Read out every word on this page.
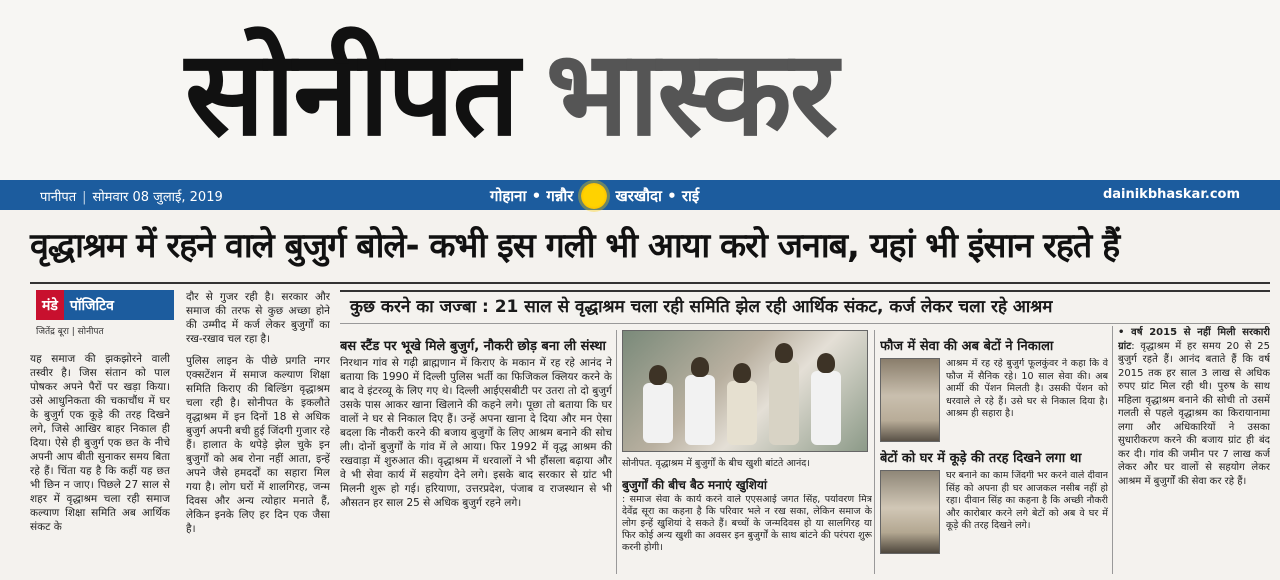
सोनीपत भास्कर
पानीपत | सोमवार 08 जुलाई, 2019	गोहाना • गन्नौर	खरखौदा • राई	dainikbhaskar.com
वृद्धाश्रम में रहने वाले बुजुर्ग बोले- कभी इस गली भी आया करो जनाब, यहां भी इंसान रहते हैं
मंडे पॉजिटिव
जितेंद्र बूरा | सोनीपत
यह समाज की झकझोरने वाली तस्वीर है। जिस संतान को पाल पोषकर अपने पैरों पर खड़ा किया। उसे आधुनिकता की चकाचौंध में घर के बुजुर्ग एक कूड़े की तरह दिखने लगे, जिसे आखिर बाहर निकाल ही दिया। ऐसे ही बुजुर्ग एक छत के नीचे अपनी आप बीती सुनाकर समय बिता रहे हैं। चिंता यह है कि कहीं यह छत भी छिन न जाए। पिछले 27 साल से शहर में वृद्धाश्रम चला रही समाज कल्याण शिक्षा समिति अब आर्थिक संकट के

दौर से गुजर रही है। सरकार और समाज की तरफ से कुछ अच्छा होने की उम्मीद में कर्ज लेकर बुजुर्गों का रख-रखाव चल रहा है।

पुलिस लाइन के पीछे प्रगति नगर एक्सटेंशन में समाज कल्याण शिक्षा समिति किराए की बिल्डिंग वृद्धाश्रम चला रही है। सोनीपत के इकलौते वृद्धाश्रम में इन दिनों 18 से अधिक बुजुर्ग अपनी बची हुई जिंदगी गुजार रहे हैं। हालात के थपेड़े झेल चुके इन बुजुर्गों को अब रोना नहीं आता, इन्हें अपने जैसे हमदर्दों का सहारा मिल गया है। लोग घरों में शालगिरह, जन्म दिवस और अन्य त्योहार मनाते हैं, लेकिन इनके लिए हर दिन एक जैसा है।

कुछ करने का जज्बा : 21 साल से वृद्धाश्रम चला रही समिति झेल रही आर्थिक संकट, कर्ज लेकर चला रहे आश्रम
बस स्टैंड पर भूखे मिले बुजुर्ग, नौकरी छोड़ बना ली संस्था
निरथान गांव से गढ़ी ब्राह्मणान में किराए के मकान में रह रहे आनंद ने बताया कि 1990 में दिल्ली पुलिस भर्ती का फिजिकल क्लियर करने के बाद वे इंटरव्यू के लिए गए थे। दिल्ली आईएसबीटी पर उतरा तो दो बुजुर्ग उसके पास आकर खाना खिलाने की कहने लगे। पूछा तो बताया कि घर वालों ने घर से निकाल दिए हैं। उन्हें अपना खाना दे दिया और मन ऐसा बदला कि नौकरी करने की बजाय बुजुर्गों के लिए आश्रम बनाने की सोच ली। दोनों बुजुर्गों के गांव में ले आया। फिर 1992 में वृद्ध आश्रम की रखवाड़ा में शुरुआत की। वृद्धाश्रम में धरवालों ने भी हौंसला बढ़ाया और वे भी सेवा कार्य में सहयोग देने लगे। इसके बाद सरकार से ग्रांट भी मिलनी शुरू हो गई। हरियाणा, उत्तरप्रदेश, पंजाब व राजस्थान से भी औसतन हर साल 25 से अधिक बुजुर्ग रहने लगे।
सोनीपत. वृद्धाश्रम में बुजुर्गों के बीच खुशी बांटते आनंद।
बुजुर्गों की बीच बैठ मनाएं खुशियां
: समाज सेवा के कार्य करने वाले एएसआई जगत सिंह, पर्यावरण मित्र देवेंद्र सूरा का कहना है कि परिवार भले न रख सका, लेकिन समाज के लोग इन्हें खुशियां दे सकते हैं। बच्चों के जन्मदिवस हो या सालगिरह या फिर कोई अन्य खुशी का अवसर इन बुजुर्गों के साथ बांटने की परंपरा शुरू करनी होगी।
फौज में सेवा की अब बेटों ने निकाला
आश्रम में रह रहे बुजुर्ग फूलकुंवर ने कहा कि वे फौज में सैनिक रहे। 10 साल सेवा की। अब आर्मी की पेंशन मिलती है। उसकी पेंशन को धरवाले ले रहे हैं। उसे घर से निकाल दिया है। आश्रम ही सहारा है।
बेटों को घर में कूड़े की तरह दिखने लगा था
घर बनाने का काम जिंदगी भर करने वाले दीवान सिंह को अपना ही घर आजकल नसीब नहीं हो रहा। दीवान सिंह का कहना है कि अच्छी नौकरी और कारोबार करने लगे बेटों को अब वे घर में कूड़े की तरह दिखने लगे।
• वर्ष 2015 से नहीं मिली सरकारी ग्रांट: वृद्धाश्रम में हर समय 20 से 25 बुजुर्ग रहते हैं। आनंद बताते हैं कि वर्ष 2015 तक हर साल 3 लाख से अधिक रुपए ग्रांट मिल रही थी। पुरुष के साथ महिला वृद्धाश्रम बनाने की सोची तो उसमें गलती से पहले वृद्धाश्रम का किरायानामा लगा और अधिकारियों ने उसका सुधारीकरण करने की बजाय ग्रांट ही बंद कर दी। गांव की जमीन पर 7 लाख कर्ज लेकर और घर वालों से सहयोग लेकर आश्रम में बुजुर्गों की सेवा कर रहे हैं।
